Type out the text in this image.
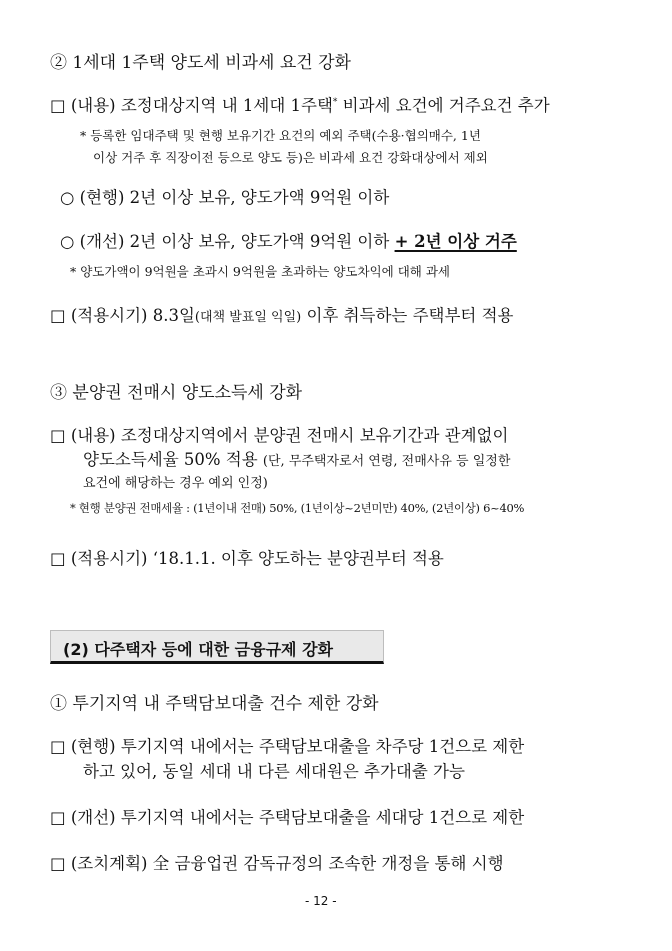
② 1세대 1주택 양도세 비과세 요건 강화
□ (내용) 조정대상지역 내 1세대 1주택* 비과세 요건에 거주요건 추가
* 등록한 임대주택 및 현행 보유기간 요건의 예외 주택(수용·협의매수, 1년
이상 거주 후 직장이전 등으로 양도 등)은 비과세 요건 강화대상에서 제외
○ (현행) 2년 이상 보유, 양도가액 9억원 이하
○ (개선) 2년 이상 보유, 양도가액 9억원 이하 + 2년 이상 거주
* 양도가액이 9억원을 초과시 9억원을 초과하는 양도차익에 대해 과세
□ (적용시기) 8.3일(대책 발표일 익일) 이후 취득하는 주택부터 적용
③ 분양권 전매시 양도소득세 강화
□ (내용) 조정대상지역에서 분양권 전매시 보유기간과 관계없이
양도소득세율 50% 적용 (단, 무주택자로서 연령, 전매사유 등 일정한
요건에 해당하는 경우 예외 인정)
* 현행 분양권 전매세율 : (1년이내 전매) 50%, (1년이상~2년미만) 40%, (2년이상) 6~40%
□ (적용시기) ‘18.1.1. 이후 양도하는 분양권부터 적용
(2) 다주택자 등에 대한 금융규제 강화
① 투기지역 내 주택담보대출 건수 제한 강화
□ (현행) 투기지역 내에서는 주택담보대출을 차주당 1건으로 제한
하고 있어, 동일 세대 내 다른 세대원은 추가대출 가능
□ (개선) 투기지역 내에서는 주택담보대출을 세대당 1건으로 제한
□ (조치계획) 全 금융업권 감독규정의 조속한 개정을 통해 시행
- 12 -
